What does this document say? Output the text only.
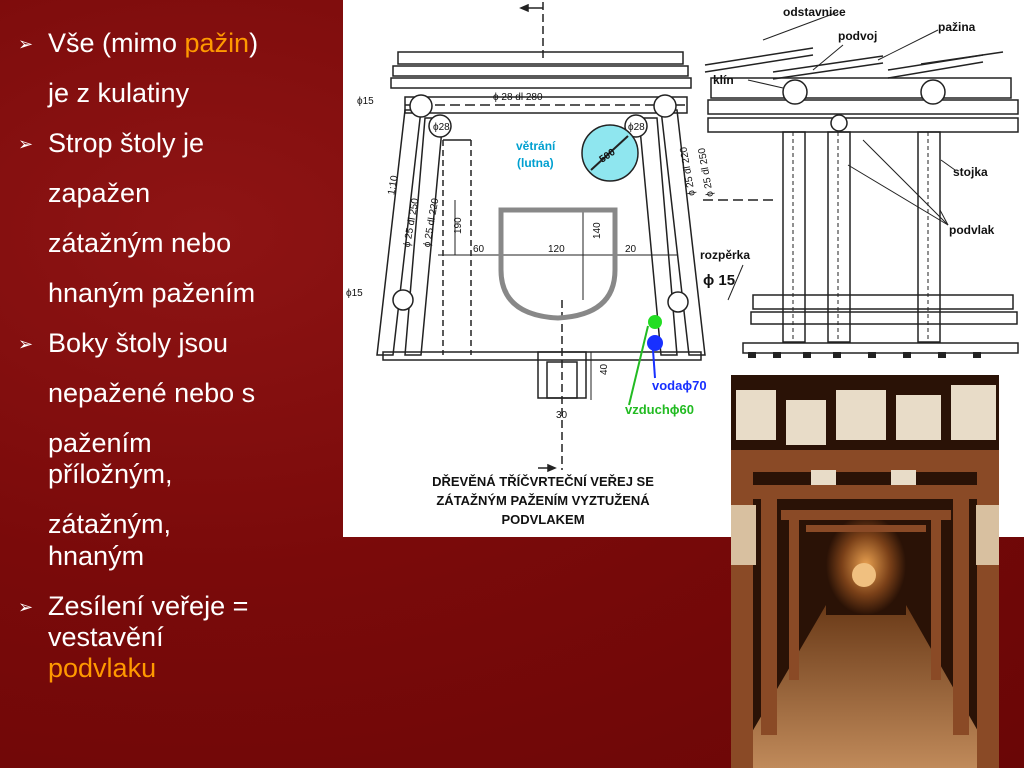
➢ Vše (mimo pažin)
je z kulatiny
➢ Strop štoly je
zapažen
zátažným nebo
hnaným pažením
➢ Boky štoly jsou
nepažené nebo s
pažením
příložným,
zátažným,
hnaným
➢ Zesílení veřeje =
vestavění
podvlaku
odstavnice
podvoj
pažina
klín
stojka
podvlak
rozpěrka
ϕ 15
větrání
(lutna)	500
vodaϕ70
vzduchϕ60
ϕ15
ϕ15
ϕ28	ϕ28
ϕ 28 dl 280
ϕ 25 dl 250 ϕ 25 dl 220
ϕ 25 dl 250
ϕ 25 dl 220
1:10
190
60	120
140
20
40
30
DŘEVĚNÁ TŘÍČVRTEČNÍ VEŘEJ SE
ZÁTAŽNÝM PAŽENÍM VYZTUŽENÁ
PODVLAKEM
